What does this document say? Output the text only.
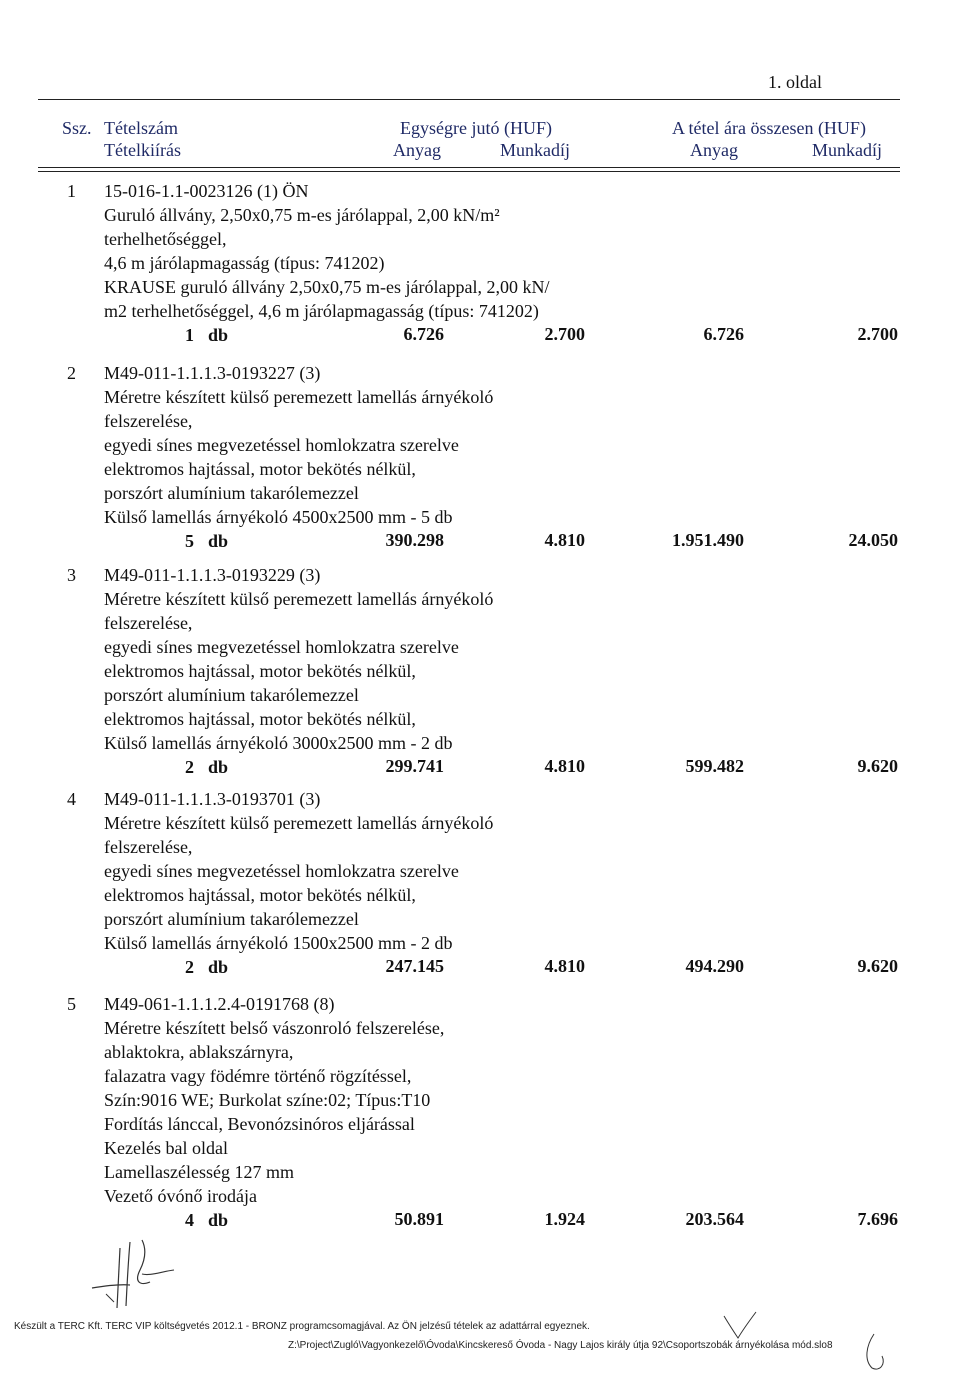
1. oldal
Ssz. Tételszám
Tételkiírás
Egységre jutó (HUF)	A tétel ára összesen (HUF)
Anyag	Munkadíj	Anyag	Munkadíj
1 15-016-1.1-0023126 (1) ÖN
Guruló állvány, 2,50x0,75 m-es járólappal, 2,00 kN/m²
terhelhetőséggel,
4,6 m járólapmagasság (típus: 741202)
KRAUSE guruló állvány 2,50x0,75 m-es járólappal, 2,00 kN/
m2 terhelhetőséggel, 4,6 m járólapmagasság (típus: 741202)
1 db	6.726	2.700	6.726	2.700
2 M49-011-1.1.1.3-0193227 (3)
Méretre készített külső peremezett lamellás árnyékoló
felszerelése,
egyedi sínes megvezetéssel homlokzatra szerelve
elektromos hajtással, motor bekötés nélkül,
porszórt alumínium takarólemezzel
Külső lamellás árnyékoló 4500x2500 mm - 5 db
5 db	390.298	4.810	1.951.490	24.050
3 M49-011-1.1.1.3-0193229 (3)
Méretre készített külső peremezett lamellás árnyékoló
felszerelése,
egyedi sínes megvezetéssel homlokzatra szerelve
elektromos hajtással, motor bekötés nélkül,
porszórt alumínium takarólemezzel
elektromos hajtással, motor bekötés nélkül,
Külső lamellás árnyékoló 3000x2500 mm - 2 db
2 db	299.741	4.810	599.482	9.620
4 M49-011-1.1.1.3-0193701 (3)
Méretre készített külső peremezett lamellás árnyékoló
felszerelése,
egyedi sínes megvezetéssel homlokzatra szerelve
elektromos hajtással, motor bekötés nélkül,
porszórt alumínium takarólemezzel
Külső lamellás árnyékoló 1500x2500 mm - 2 db
2 db	247.145	4.810	494.290	9.620
5 M49-061-1.1.1.2.4-0191768 (8)
Méretre készített belső vászonroló felszerelése,
ablaktokra, ablakszárnyra,
falazatra vagy födémre történő rögzítéssel,
Szín:9016 WE; Burkolat színe:02; Típus:T10
Fordítás lánccal, Bevonózsinóros eljárással
Kezelés bal oldal
Lamellaszélesség 127 mm
Vezető óvónő irodája
4 db	50.891	1.924	203.564	7.696
Készült a TERC Kft. TERC VIP költségvetés 2012.1 - BRONZ programcsomagjával. Az ÖN jelzésű tételek az adattárral egyeznek.
Z:\Project\Zugló\Vagyonkezelő\Óvoda\Kincskereső Óvoda - Nagy Lajos király útja 92\Csoportszobák árnyékolása mód.slo8
